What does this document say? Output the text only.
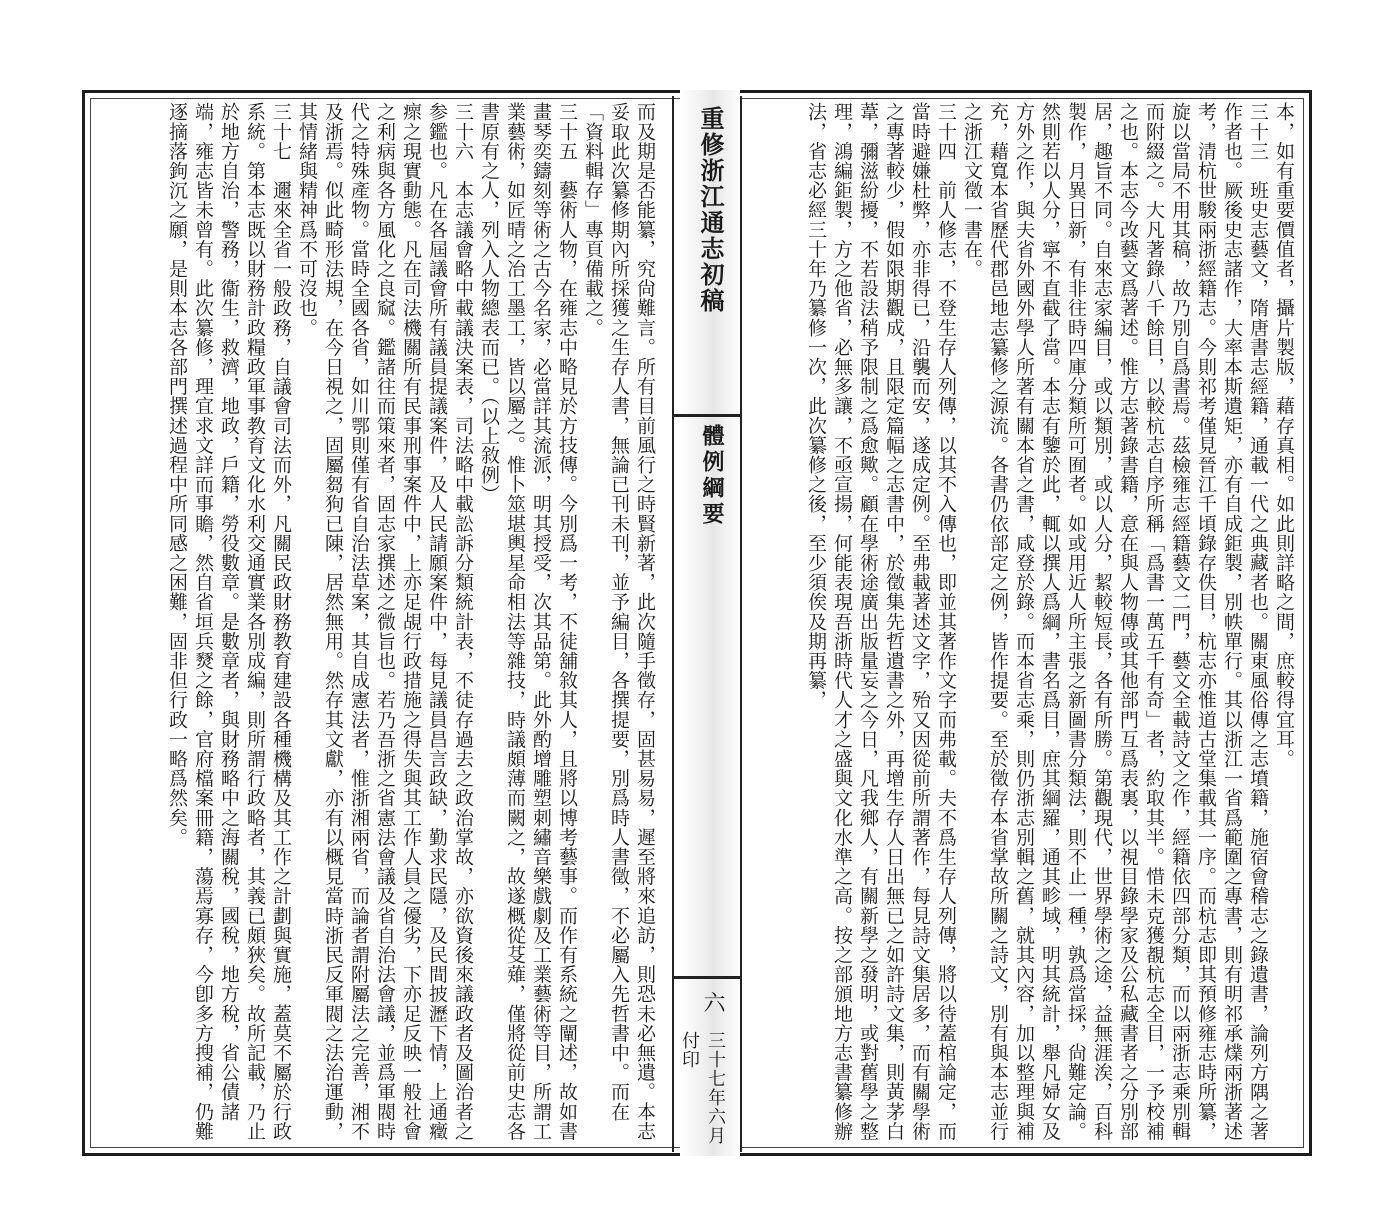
本，如有重要價值者，攝片製版，藉存真相。如此則詳略之間，庶較得宜耳。
三十三　班史志藝文，隋唐書志經籍，通載一代之典藏者也。關東風俗傳之志墳籍，施宿會稽志之錄遺書，論列方隅之著作者也。厥後史志諸作，大率本斯遺矩，亦有自成鉅製，別帙單行。其以浙江一省爲範圍之專書，則有明祁承㸁兩浙著述考，清杭世駿兩浙經籍志。今則祁考僅見晉江千頃錄存佚目，杭志亦惟道古堂集載其一序。而杭志即其預修雍志時所纂，旋以當局不用其稿，故乃別自爲書焉。茲檢雍志經籍藝文二門，藝文全載詩文之作，經籍依四部分類，而以兩浙志乘別輯而附綴之。大凡著錄八千餘目，以較杭志自序所稱「爲書一萬五千有奇」者，約取其半。惜未克獲覩杭志全目，一予校補之也。本志今改藝文爲著述。惟方志著錄書籍，意在與人物傳或其他部門互爲表裏，以視目錄學家及公私藏書者之分別部居，趣旨不同。自來志家編目，或以類別，或以人分，絜較短長，各有所勝。第觀現代，世界學術之途，益無涯涘，百科製作，月異日新，有非往時四庫分類所可囿者。如或用近人所主張之新圖書分類法，則不止一種，孰爲當採，尙難定論。然則若以人分，寧不直截了當。本志有鑒於此，輒以撰人爲綱，書名爲目，庶其綱羅，通其畛域，明其統計，舉凡婦女及方外之作，與夫省外國外學人所著有關本省之書，咸登於錄。而本省志乘，則仍浙志別輯之舊，就其內容，加以整理與補充，藉寬本省歷代郡邑地志纂修之源流。各書仍依部定之例，皆作提要。至於徵存本省掌故所關之詩文，別有與本志並行之浙江文徵一書在。
三十四　前人修志，不登生存人列傳，以其不入傳也，即並其著作文字而弗載。夫不爲生存人列傳，將以待蓋棺論定，而當時避嫌杜弊，亦非得已，沿襲而安，遂成定例。至弗載著述文字，殆又因從前所謂著作，每見詩文集居多，而有關學術之專著較少，假如限期觀成，且限定篇幅之志書中，於徵集先哲遺書之外，再增生存人日出無已之如許詩文集，則黃茅白葦，彌滋紛擾，不若設法稍予限制之爲愈歟。顧在學術途廣出版量妄之今日，凡我鄉人，有關新學之發明，或對舊學之整理，鴻編鉅製，方之他省，必無多讓，不亟宣揚，何能表現吾浙時代人才之盛與文化水準之高。按之部頒地方志書纂修辦法，省志必經三十年乃纂修一次，此次纂修之後，至少須俟及期再纂，
重修浙江通志初稿
體例綱要
六
三十七年六月付印
而及期是否能纂，究尙難言。所有目前風行之時賢新著，此次隨手徵存，固甚易易，遲至將來追訪，則恐未必無遺。本志妥取此次纂修期內所採獲之生存人書，無論已刊未刊，並予編目，各撰提要，別爲時人書徵，不必屬入先哲書中。而在「資料輯存」專頁備載之。
三十五　藝術人物，在雍志中略見於方技傳。今別爲一考，不徒舖敘其人，且將以博考藝事。而作有系統之闡述，故如書畫琴奕鑄刻等術之古今名家，必當詳其流派，明其授受，次其品第。此外酌增雕塑刺繡音樂戲劇及工業藝術等目，所謂工業藝術，如匠晴之冶工墨工，皆以屬之。惟卜筮堪輿星命相法等雜技，時議頗薄而闕之，故遂概從芟薙，僅將從前史志各書原有之人，列入人物總表而已。（以上敘例）
三十六　本志議會略中載議決案表，司法略中載訟訴分類統計表，不徒存過去之政治掌故，亦欲資後來議政者及圖治者之参鑑也。凡在各屆議會所有議員提議案件，及人民請願案件中，每見議員昌言政缺，勤求民隱，及民間披瀝下情，上通癥瘝之現實動態。凡在司法機關所有民事刑事案件中，上亦足覘行政措施之得失與其工作人員之優劣，下亦足反映一般社會之利病與各方風化之良窳。鑑諸往而策來者，固志家撰述之微旨也。若乃吾浙之省憲法會議及省自治法會議，並爲軍閥時代之特殊產物。當時全國各省，如川鄂則僅有省自治法草案，其自成憲法者，惟浙湘兩省，而論者謂附屬法之完善，湘不及浙焉。似此畸形法規，在今日視之，固屬芻狗已陳，居然無用。然存其文獻，亦有以概見當時浙民反軍閥之法治運動，其情緒與精神爲不可沒也。
三十七　邇來全省一般政務，自議會司法而外，凡關民政財務教育建設各種機構及其工作之計劃與實施，蓋莫不屬於行政系統。第本志既以財務計政糧政軍事教育文化水利交通實業各別成編，則所謂行政略者，其義已頗狹矣。故所記載，乃止於地方自治，警務，衞生，救濟，地政，戶籍，勞役數章。是數章者，與財務略中之海關稅，國稅，地方稅，省公債諸端，雍志皆未曾有。此次纂修，理宜求文詳而事贍，然自省垣兵燹之餘，官府檔案冊籍，蕩焉寡存，今卽多方搜補，仍難逐摘落鉤沉之願，是則本志各部門撰述過程中所同感之困難，固非但行政一略爲然矣。
